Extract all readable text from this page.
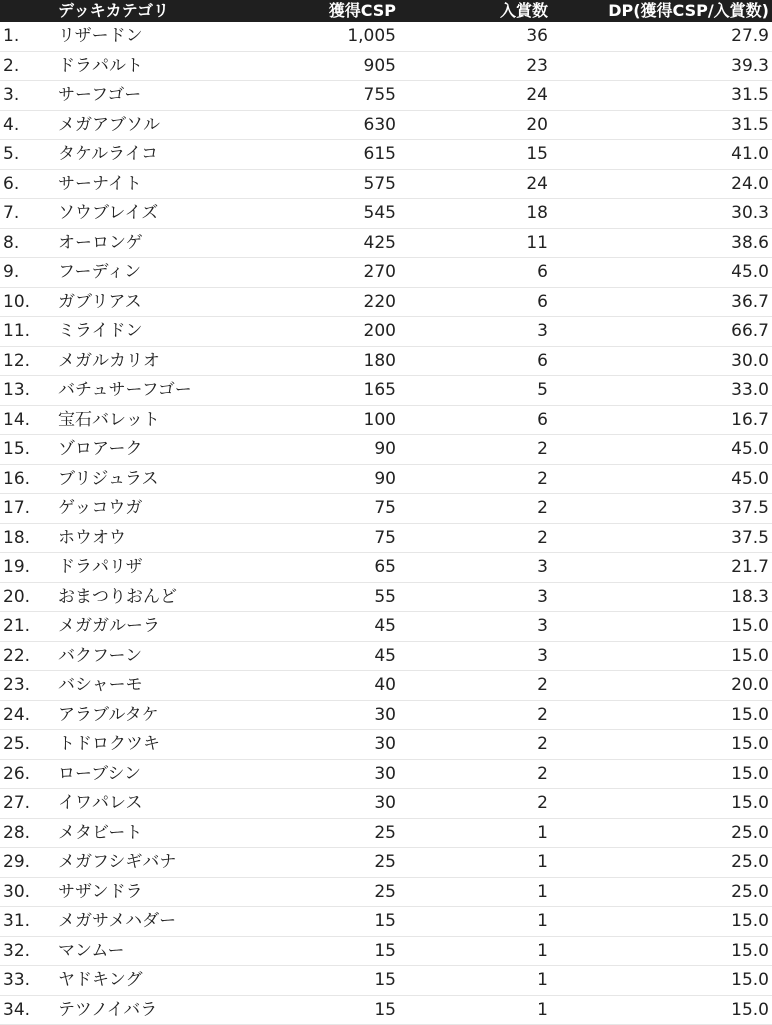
デッキカテゴリ	獲得CSP	入賞数	DP(獲得CSP/入賞数)
1. リザードン	1,005	36	27.9
2. ドラパルト	905	23	39.3
3. サーフゴー	755	24	31.5
4. メガアブソル	630	20	31.5
5. タケルライコ	615	15	41.0
6. サーナイト	575	24	24.0
7. ソウブレイズ	545	18	30.3
8. オーロンゲ	425	11	38.6
9. フーディン	270	6	45.0
10. ガブリアス	220	6	36.7
11. ミライドン	200	3	66.7
12. メガルカリオ	180	6	30.0
13. バチュサーフゴー	165	5	33.0
14. 宝石バレット	100	6	16.7
15. ゾロアーク	90	2	45.0
16. ブリジュラス	90	2	45.0
17. ゲッコウガ	75	2	37.5
18. ホウオウ	75	2	37.5
19. ドラパリザ	65	3	21.7
20. おまつりおんど	55	3	18.3
21. メガガルーラ	45	3	15.0
22. バクフーン	45	3	15.0
23. バシャーモ	40	2	20.0
24. アラブルタケ	30	2	15.0
25. トドロクツキ	30	2	15.0
26. ローブシン	30	2	15.0
27. イワパレス	30	2	15.0
28. メタビート	25	1	25.0
29. メガフシギバナ	25	1	25.0
30. サザンドラ	25	1	25.0
31. メガサメハダー	15	1	15.0
32. マンムー	15	1	15.0
33. ヤドキング	15	1	15.0
34. テツノイバラ	15	1	15.0
